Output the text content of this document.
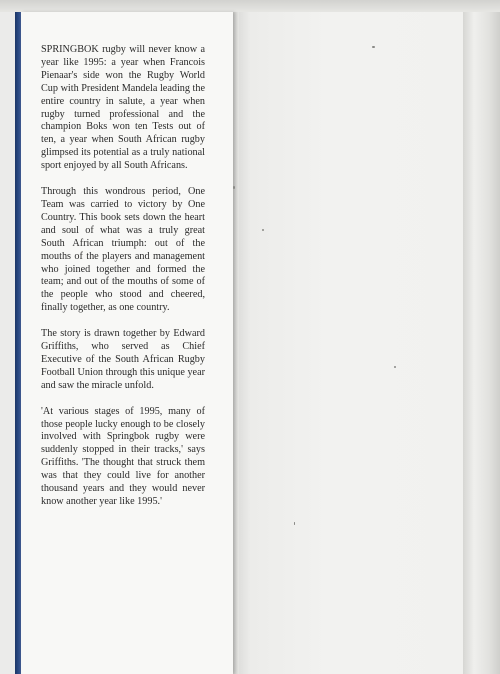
SPRINGBOK rugby will never know a year like 1995: a year when Francois Pienaar's side won the Rugby World Cup with President Mandela leading the entire country in salute, a year when rugby turned professional and the champion Boks won ten Tests out of ten, a year when South African rugby glimpsed its potential as a truly national sport enjoyed by all South Africans.

Through this wondrous period, One Team was carried to victory by One Country. This book sets down the heart and soul of what was a truly great South African triumph: out of the mouths of the players and management who joined together and formed the team; and out of the mouths of some of the people who stood and cheered, finally together, as one country.

The story is drawn together by Edward Griffiths, who served as Chief Executive of the South African Rugby Football Union through this unique year and saw the miracle unfold.

'At various stages of 1995, many of those people lucky enough to be closely involved with Springbok rugby were suddenly stopped in their tracks,' says Griffiths. 'The thought that struck them was that they could live for another thousand years and they would never know another year like 1995.'
